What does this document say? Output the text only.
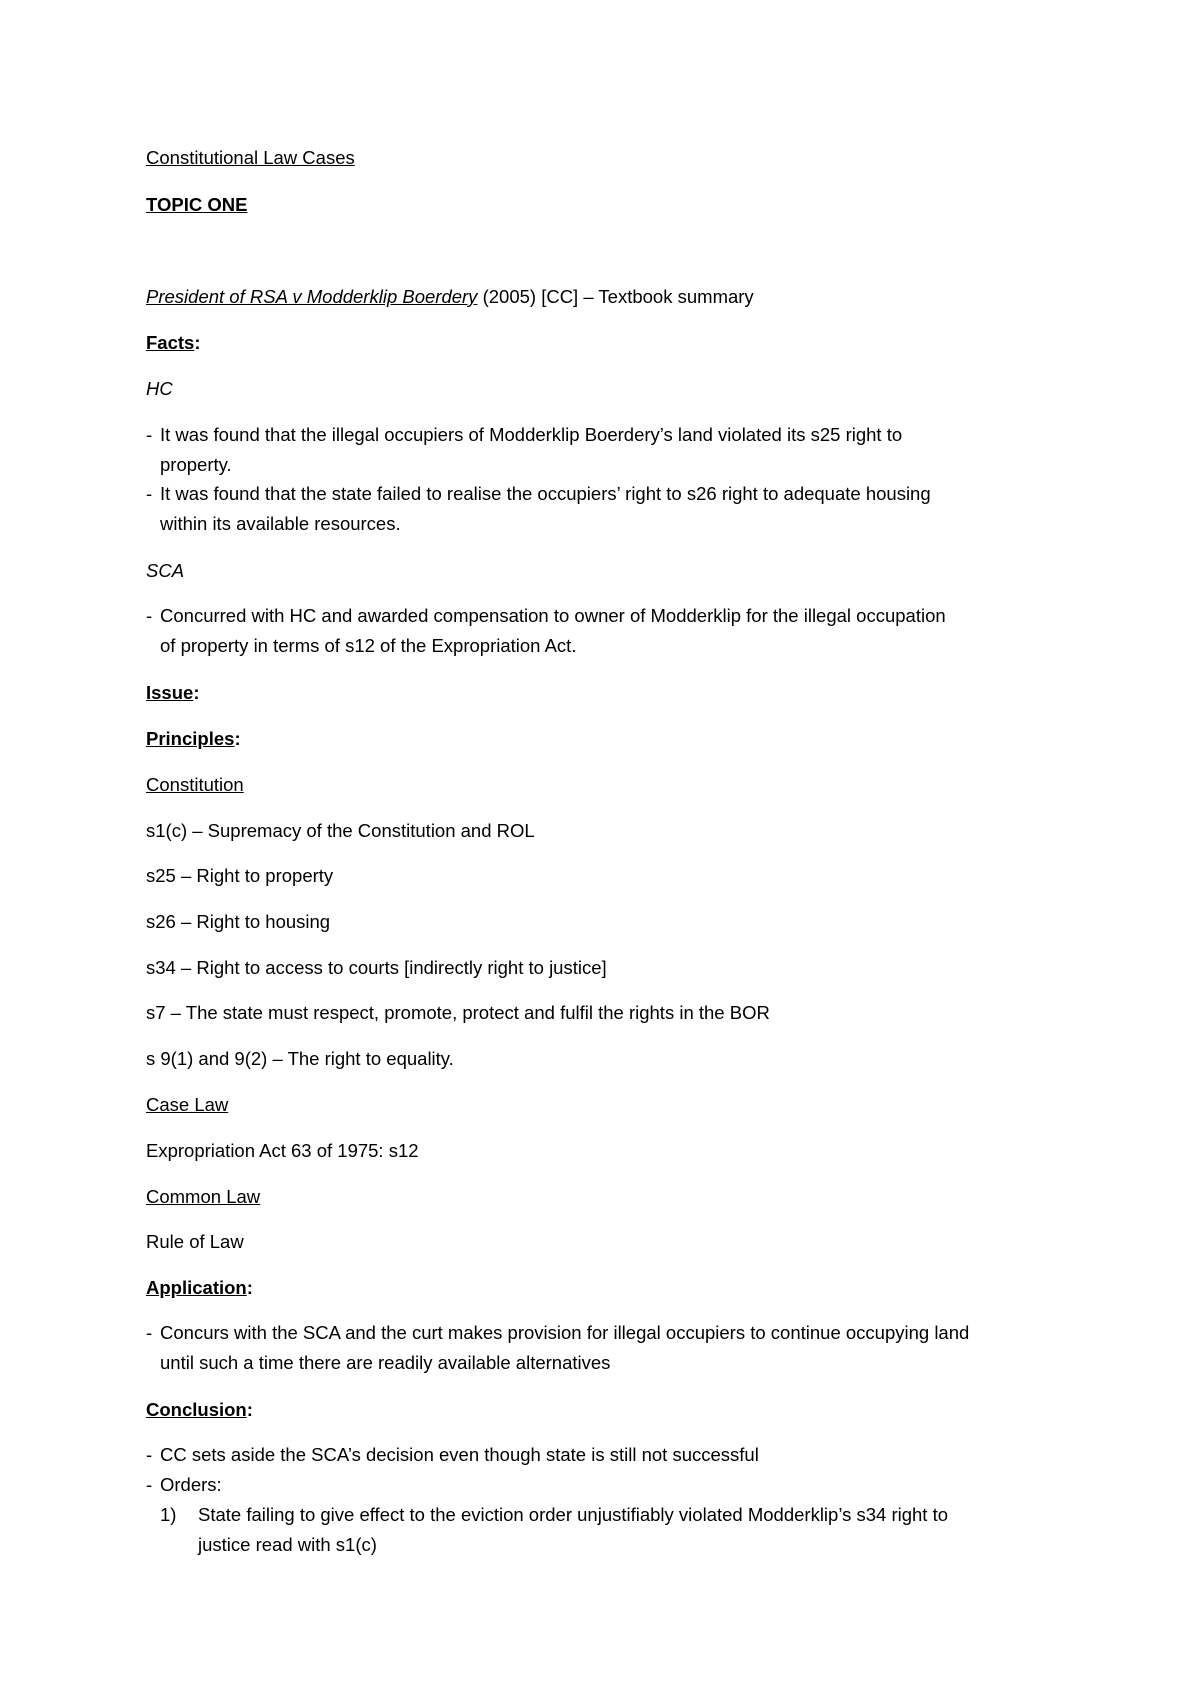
Constitutional Law Cases
TOPIC ONE
President of RSA v Modderklip Boerdery (2005) [CC] – Textbook summary
Facts:
HC
- It was found that the illegal occupiers of Modderklip Boerdery’s land violated its s25 right to
property.
- It was found that the state failed to realise the occupiers’ right to s26 right to adequate housing
within its available resources.
SCA
- Concurred with HC and awarded compensation to owner of Modderklip for the illegal occupation
of property in terms of s12 of the Expropriation Act.
Issue:
Principles:
Constitution
s1(c) – Supremacy of the Constitution and ROL
s25 – Right to property
s26 – Right to housing
s34 – Right to access to courts [indirectly right to justice]
s7 – The state must respect, promote, protect and fulfil the rights in the BOR
s 9(1) and 9(2) – The right to equality.
Case Law
Expropriation Act 63 of 1975: s12
Common Law
Rule of Law
Application:
- Concurs with the SCA and the curt makes provision for illegal occupiers to continue occupying land
until such a time there are readily available alternatives
Conclusion:
- CC sets aside the SCA’s decision even though state is still not successful
- Orders:
1) State failing to give effect to the eviction order unjustifiably violated Modderklip’s s34 right to
justice read with s1(c)
